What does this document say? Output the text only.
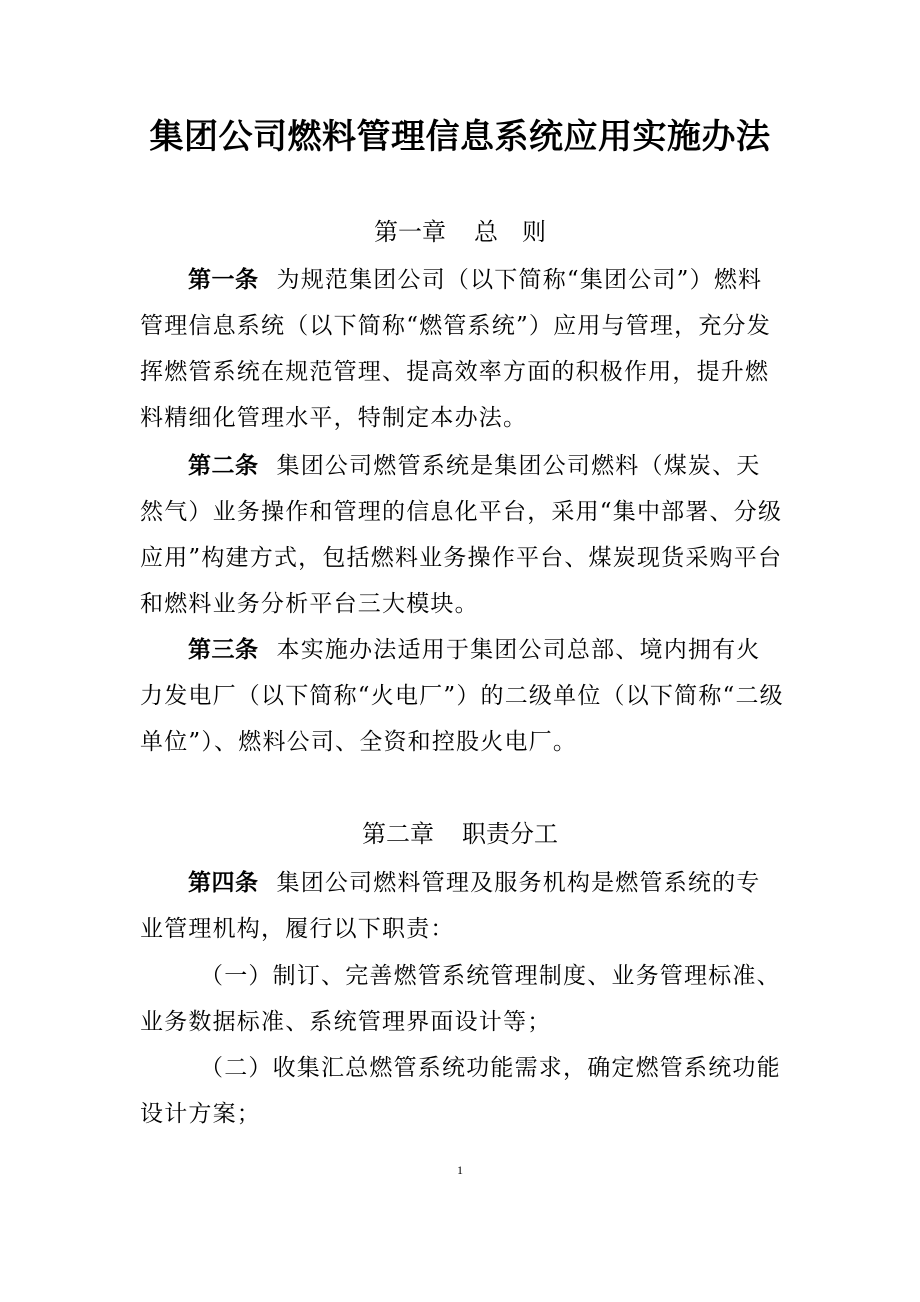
集团公司燃料管理信息系统应用实施办法
第一章 总　则

第一条 为规范集团公司（以下简称“集团公司”）燃料管理信息系统（以下简称“燃管系统”）应用与管理，充分发挥燃管系统在规范管理、提高效率方面的积极作用，提升燃料精细化管理水平，特制定本办法。

第二条 集团公司燃管系统是集团公司燃料（煤炭、天然气）业务操作和管理的信息化平台，采用“集中部署、分级应用”构建方式，包括燃料业务操作平台、煤炭现货采购平台和燃料业务分析平台三大模块。

第三条 本实施办法适用于集团公司总部、境内拥有火力发电厂（以下简称“火电厂”）的二级单位（以下简称“二级单位”）、燃料公司、全资和控股火电厂。

第二章 职责分工

第四条 集团公司燃料管理及服务机构是燃管系统的专业管理机构，履行以下职责：

（一）制订、完善燃管系统管理制度、业务管理标准、业务数据标准、系统管理界面设计等；

（二）收集汇总燃管系统功能需求，确定燃管系统功能设计方案；

1
